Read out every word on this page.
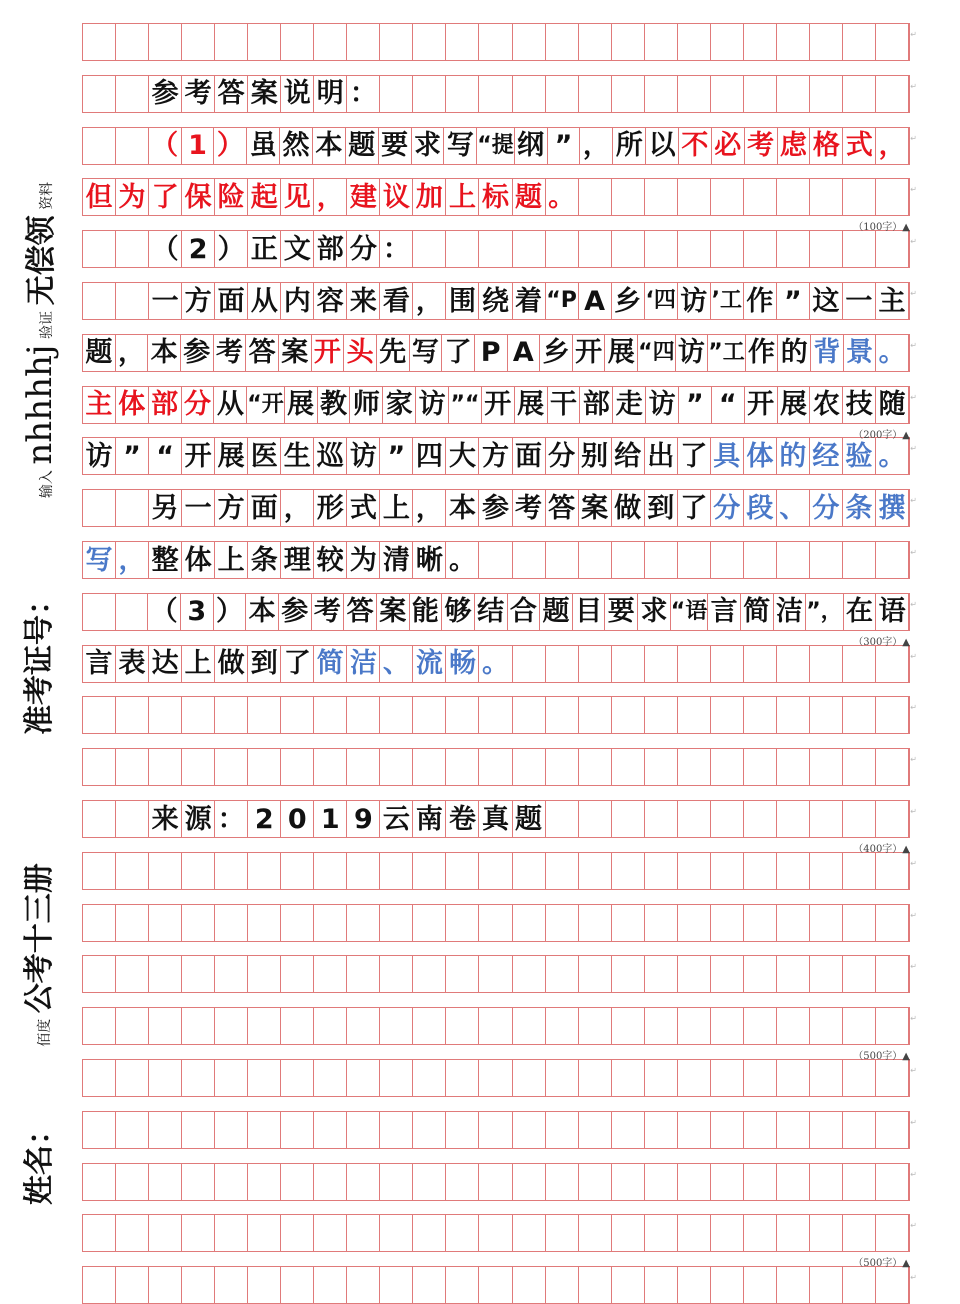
输入 nhhhhj 验证 无偿领 资料
准考证号：
佰度 公考十三册
姓名：
↵
参 考 答 案 说 明 ：	↵
（ 1 ） 虽 然 本 题 要 求 写 “提 纲 ” ， 所 以 不 必 考 虑 格 式 ， ↵
但 为 了 保 险 起 见 ， 建 议 加 上 标 题 。	↵
（ 2 ） 正 文 部 分 ：	↵
一 方 面 从 内 容 来 看 ， 围 绕 着 “P A 乡 ‘四 访 ’工 作 ” 这 一 主 ↵
题 ， 本 参 考 答 案 开 头 先 写 了 P A 乡 开 展 “四 访 ”工 作 的 背 景 。 ↵
主 体 部 分 从 “开 展 教 师 家 访 ”“ 开 展 干 部 走 访 ” “ 开 展 农 技 随 ↵
访 ” “ 开 展 医 生 巡 访 ” 四 大 方 面 分 别 给 出 了 具 体 的 经 验 。 ↵
另 一 方 面 ， 形 式 上 ， 本 参 考 答 案 做 到 了 分 段 、 分 条 撰 ↵
写 ， 整 体 上 条 理 较 为 清 晰 。	↵
（ 3 ） 本 参 考 答 案 能 够 结 合 题 目 要 求 “语 言 简 洁 ”， 在 语 ↵
言 表 达 上 做 到 了 简 洁 、 流 畅 。	↵
↵
↵
来 源 ： 2 0 1 9 云 南 卷 真 题	↵
↵
↵
↵
↵
↵
↵
↵
↵
↵
（100字）▲
（200字）▲
（300字）▲
（400字）▲
（500字）▲
（500字）▲
